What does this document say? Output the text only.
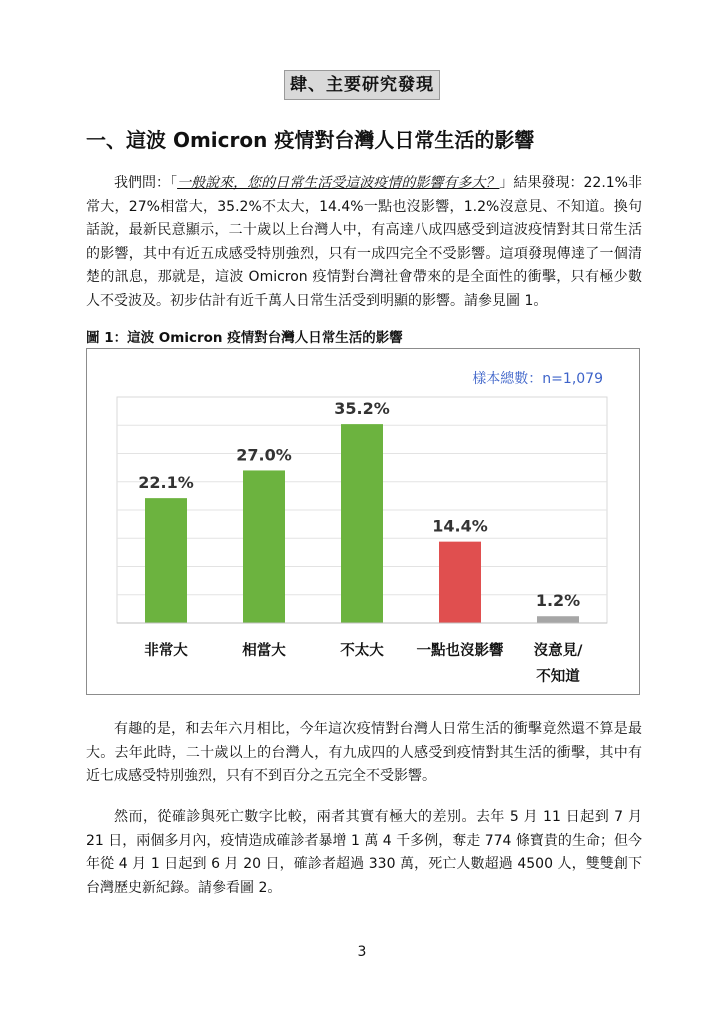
肆、主要研究發現
一、這波 Omicron 疫情對台灣人日常生活的影響

我們問：「一般說來，您的日常生活受這波疫情的影響有多大？」結果發現：22.1%非常大，27%相當大，35.2%不太大，14.4%一點也沒影響，1.2%沒意見、不知道。換句話說，最新民意顯示，二十歲以上台灣人中，有高達八成四感受到這波疫情對其日常生活的影響，其中有近五成感受特別強烈，只有一成四完全不受影響。這項發現傳達了一個清楚的訊息，那就是，這波 Omicron 疫情對台灣社會帶來的是全面性的衝擊，只有極少數人不受波及。初步估計有近千萬人日常生活受到明顯的影響。請參見圖 1。

圖 1：這波 Omicron 疫情對台灣人日常生活的影響
樣本總數：n=1,079
22.1%
非常大
27.0%
相當大
35.2%
不太大
14.4%
一點也沒影響
1.2%
沒意見/
不知道

有趣的是，和去年六月相比，今年這次疫情對台灣人日常生活的衝擊竟然還不算是最大。去年此時，二十歲以上的台灣人，有九成四的人感受到疫情對其生活的衝擊，其中有近七成感受特別強烈，只有不到百分之五完全不受影響。

然而，從確診與死亡數字比較，兩者其實有極大的差別。去年 5 月 11 日起到 7 月 21 日，兩個多月內，疫情造成確診者暴增 1 萬 4 千多例，奪走 774 條寶貴的生命；但今年從 4 月 1 日起到 6 月 20 日，確診者超過 330 萬，死亡人數超過 4500 人，雙雙創下台灣歷史新紀錄。請參看圖 2。

3
